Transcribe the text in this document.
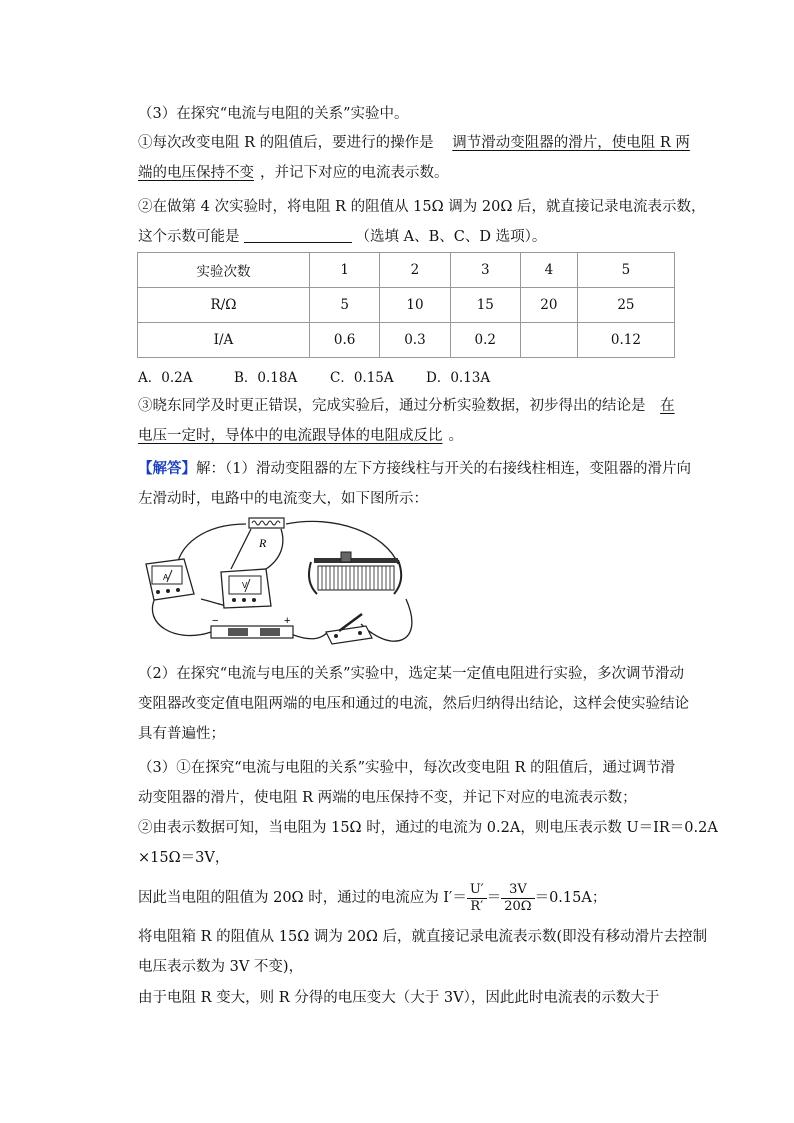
（3）在探究“电流与电阻的关系”实验中。
①每次改变电阻 R 的阻值后，要进行的操作是 调节滑动变阻器的滑片，使电阻 R 两
端的电压保持不变 ，并记下对应的电流表示数。
②在做第 4 次实验时，将电阻 R 的阻值从 15Ω 调为 20Ω 后，就直接记录电流表示数，
这个示数可能是	（选填 A、B、C、D 选项）。
实验次数	1	2	3	4	5
R/Ω	5	10	15	20	25
I/A	0.6	0.3	0.2		0.12
A．0.2A	B．0.18A C．0.15A D．0.13A
③晓东同学及时更正错误，完成实验后，通过分析实验数据，初步得出的结论是 在
电压一定时，导体中的电流跟导体的电阻成反比 。
【解答】解：（1）滑动变阻器的左下方接线柱与开关的右接线柱相连，变阻器的滑片向
左滑动时，电路中的电流变大，如下图所示：
R
A
V
−	+
（2）在探究“电流与电压的关系”实验中，选定某一定值电阻进行实验，多次调节滑动
变阻器改变定值电阻两端的电压和通过的电流，然后归纳得出结论，这样会使实验结论
具有普遍性；
（3）①在探究“电流与电阻的关系”实验中，每次改变电阻 R 的阻值后，通过调节滑
动变阻器的滑片，使电阻 R 两端的电压保持不变，并记下对应的电流表示数；
②由表示数据可知，当电阻为 15Ω 时，通过的电流为 0.2A，则电压表示数 U＝IR＝0.2A
×15Ω＝3V，
因此当电阻的阻值为 20Ω 时，通过的电流应为 $I'= \frac{U'}{R'} = \frac{3V}{20\Omega} =0.15A$；
将电阻箱 R 的阻值从 15Ω 调为 20Ω 后，就直接记录电流表示数(即没有移动滑片去控制
电压表示数为 3V 不变)，
由于电阻 R 变大，则 R 分得的电压变大（大于 3V），因此此时电流表的示数大于
